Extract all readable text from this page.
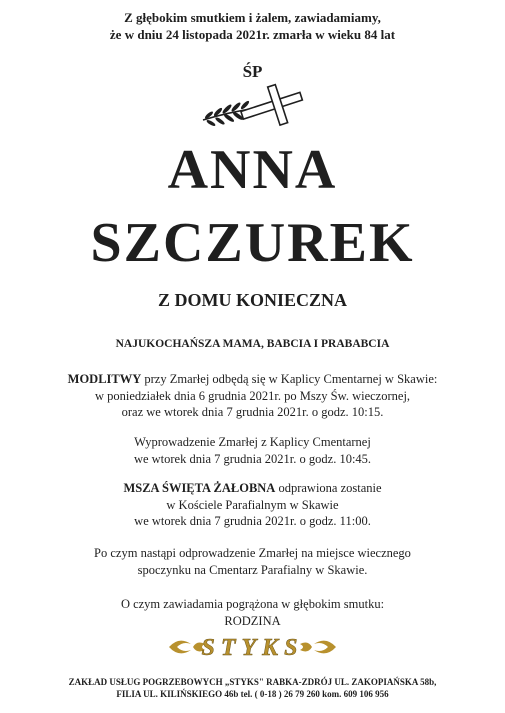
Z głębokim smutkiem i żalem, zawiadamiamy,
że w dniu 24 listopada 2021r. zmarła w wieku 84 lat
ŚP
ANNA
SZCZUREK
Z DOMU KONIECZNA
NAJUKOCHAŃSZA MAMA, BABCIA I PRABABCIA
MODLITWY przy Zmarłej odbędą się w Kaplicy Cmentarnej w Skawie:
w poniedziałek dnia 6 grudnia 2021r. po Mszy Św. wieczornej,
oraz we wtorek dnia 7 grudnia 2021r. o godz. 10:15.
Wyprowadzenie Zmarłej z Kaplicy Cmentarnej
we wtorek dnia 7 grudnia 2021r. o godz. 10:45.
MSZA ŚWIĘTA ŻAŁOBNA odprawiona zostanie
w Kościele Parafialnym w Skawie
we wtorek dnia 7 grudnia 2021r. o godz. 11:00.
Po czym nastąpi odprowadzenie Zmarłej na miejsce wiecznego
spoczynku na Cmentarz Parafialny w Skawie.
O czym zawiadamia pogrążona w głębokim smutku:
RODZINA
STYKS
ZAKŁAD USŁUG POGRZEBOWYCH „STYKS" RABKA-ZDRÓJ UL. ZAKOPIAŃSKA 58b,
FILIA UL. KILIŃSKIEGO 46b tel. ( 0-18 ) 26 79 260 kom. 609 106 956
